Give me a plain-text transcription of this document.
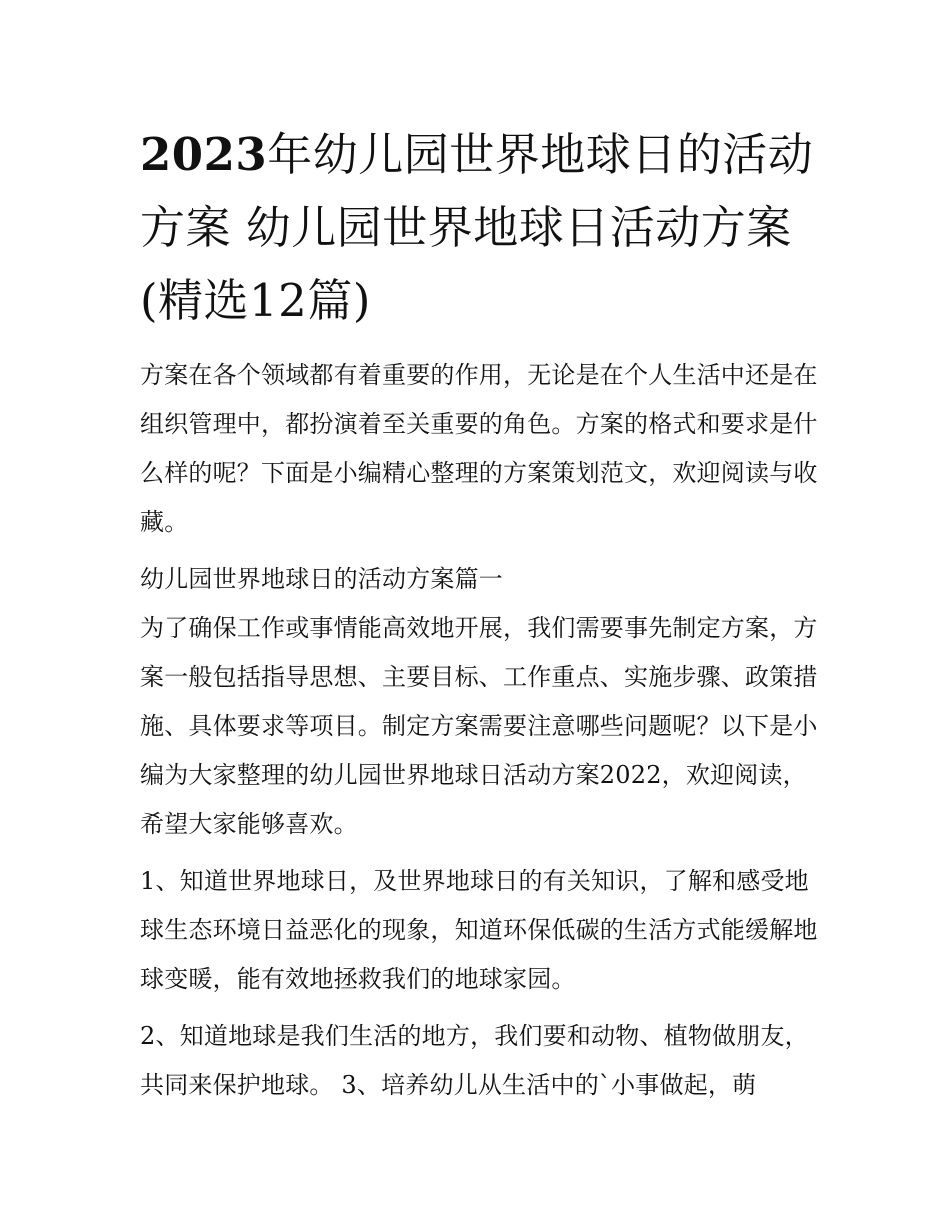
2023年幼儿园世界地球日的活动方案 幼儿园世界地球日活动方案(精选12篇)

方案在各个领域都有着重要的作用，无论是在个人生活中还是在组织管理中，都扮演着至关重要的角色。方案的格式和要求是什么样的呢？下面是小编精心整理的方案策划范文，欢迎阅读与收藏。

幼儿园世界地球日的活动方案篇一

为了确保工作或事情能高效地开展，我们需要事先制定方案，方案一般包括指导思想、主要目标、工作重点、实施步骤、政策措施、具体要求等项目。制定方案需要注意哪些问题呢？以下是小编为大家整理的幼儿园世界地球日活动方案2022，欢迎阅读，希望大家能够喜欢。

1、知道世界地球日，及世界地球日的有关知识，了解和感受地球生态环境日益恶化的现象，知道环保低碳的生活方式能缓解地球变暖，能有效地拯救我们的地球家园。

2、知道地球是我们生活的地方，我们要和动物、植物做朋友，共同来保护地球。 3、培养幼儿从生活中的`小事做起，萌
